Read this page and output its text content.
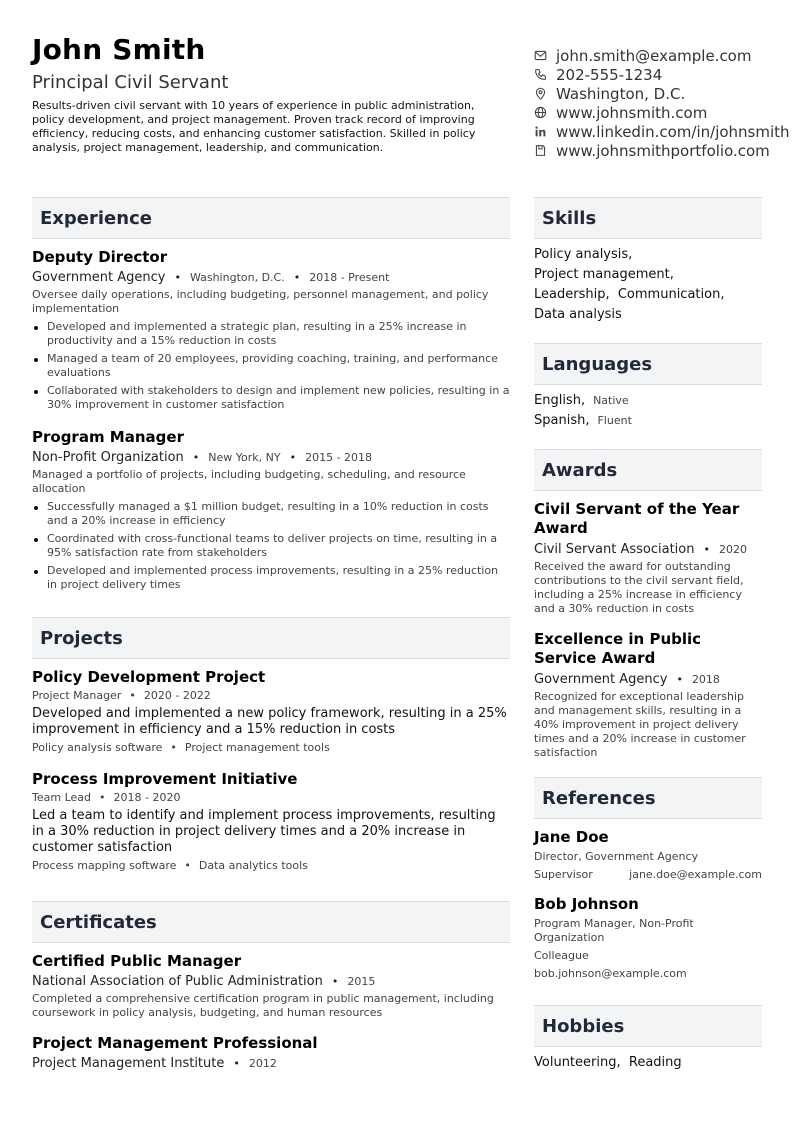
John Smith
Principal Civil Servant
Results-driven civil servant with 10 years of experience in public administration, policy development, and project management. Proven track record of improving efficiency, reducing costs, and enhancing customer satisfaction. Skilled in policy analysis, project management, leadership, and communication.
john.smith@example.com
202-555-1234
Washington, D.C.
www.johnsmith.com
www.linkedin.com/in/johnsmith
www.johnsmithportfolio.com
Experience
Deputy Director
Government Agency • Washington, D.C. • 2018 - Present
Oversee daily operations, including budgeting, personnel management, and policy implementation
Developed and implemented a strategic plan, resulting in a 25% increase in productivity and a 15% reduction in costs
Managed a team of 20 employees, providing coaching, training, and performance evaluations
Collaborated with stakeholders to design and implement new policies, resulting in a 30% improvement in customer satisfaction
Program Manager
Non-Profit Organization • New York, NY • 2015 - 2018
Managed a portfolio of projects, including budgeting, scheduling, and resource allocation
Successfully managed a $1 million budget, resulting in a 10% reduction in costs and a 20% increase in efficiency
Coordinated with cross-functional teams to deliver projects on time, resulting in a 95% satisfaction rate from stakeholders
Developed and implemented process improvements, resulting in a 25% reduction in project delivery times
Projects
Policy Development Project
Project Manager • 2020 - 2022
Developed and implemented a new policy framework, resulting in a 25% improvement in efficiency and a 15% reduction in costs
Policy analysis software • Project management tools
Process Improvement Initiative
Team Lead • 2018 - 2020
Led a team to identify and implement process improvements, resulting in a 30% reduction in project delivery times and a 20% increase in customer satisfaction
Process mapping software • Data analytics tools
Certificates
Certified Public Manager
National Association of Public Administration • 2015
Completed a comprehensive certification program in public management, including coursework in policy analysis, budgeting, and human resources
Project Management Professional
Project Management Institute • 2012
Skills
Policy analysis,
Project management,
Leadership, Communication,
Data analysis
Languages
English, Native
Spanish, Fluent
Awards
Civil Servant of the Year Award
Civil Servant Association • 2020
Received the award for outstanding contributions to the civil servant field, including a 25% increase in efficiency and a 30% reduction in costs
Excellence in Public Service Award
Government Agency • 2018
Recognized for exceptional leadership and management skills, resulting in a 40% improvement in project delivery times and a 20% increase in customer satisfaction
References
Jane Doe
Director, Government Agency
Supervisor	jane.doe@example.com
Bob Johnson
Program Manager, Non-Profit Organization
Colleague
bob.johnson@example.com
Hobbies
Volunteering, Reading
